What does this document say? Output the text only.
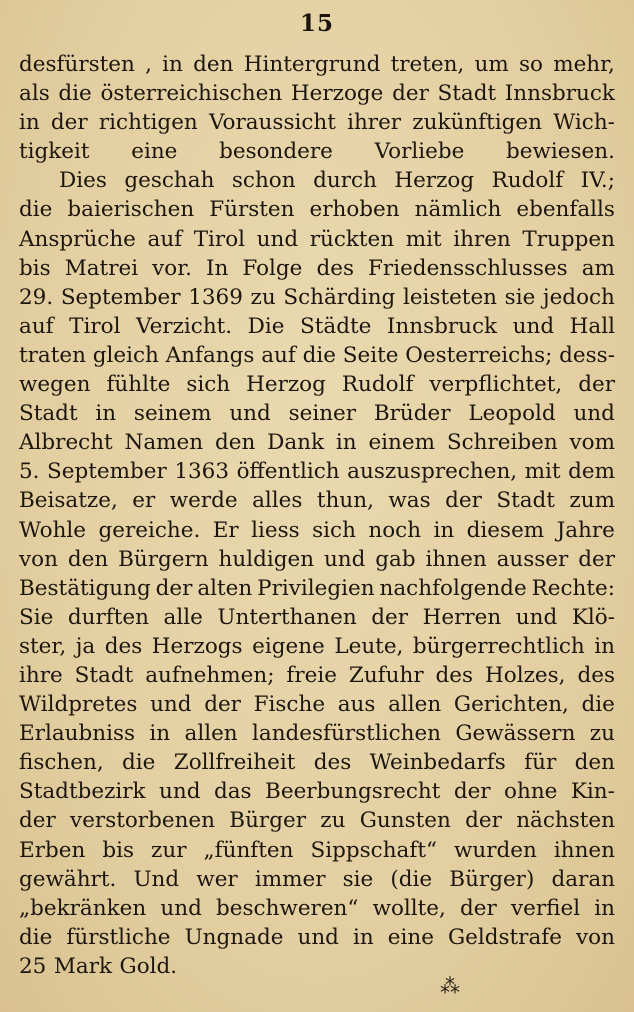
15
desfürsten , in den Hintergrund treten, um so mehr,
als die österreichischen Herzoge der Stadt Innsbruck
in der richtigen Voraussicht ihrer zukünftigen Wich-
tigkeit eine besondere Vorliebe bewiesen.
Dies geschah schon durch Herzog Rudolf IV.;
die baierischen Fürsten erhoben nämlich ebenfalls
Ansprüche auf Tirol und rückten mit ihren Truppen
bis Matrei vor. In Folge des Friedensschlusses am
29. September 1369 zu Schärding leisteten sie jedoch
auf Tirol Verzicht. Die Städte Innsbruck und Hall
traten gleich Anfangs auf die Seite Oesterreichs; dess-
wegen fühlte sich Herzog Rudolf verpflichtet, der
Stadt in seinem und seiner Brüder Leopold und
Albrecht Namen den Dank in einem Schreiben vom
5. September 1363 öffentlich auszusprechen, mit dem
Beisatze, er werde alles thun, was der Stadt zum
Wohle gereiche. Er liess sich noch in diesem Jahre
von den Bürgern huldigen und gab ihnen ausser der
Bestätigung der alten Privilegien nachfolgende Rechte:
Sie durften alle Unterthanen der Herren und Klö-
ster, ja des Herzogs eigene Leute, bürgerrechtlich in
ihre Stadt aufnehmen; freie Zufuhr des Holzes, des
Wildpretes und der Fische aus allen Gerichten, die
Erlaubniss in allen landesfürstlichen Gewässern zu
fischen, die Zollfreiheit des Weinbedarfs für den
Stadtbezirk und das Beerbungsrecht der ohne Kin-
der verstorbenen Bürger zu Gunsten der nächsten
Erben bis zur „fünften Sippschaft“ wurden ihnen
gewährt. Und wer immer sie (die Bürger) daran
„bekränken und beschweren“ wollte, der verfiel in
die fürstliche Ungnade und in eine Geldstrafe von
25 Mark Gold.
⁂
